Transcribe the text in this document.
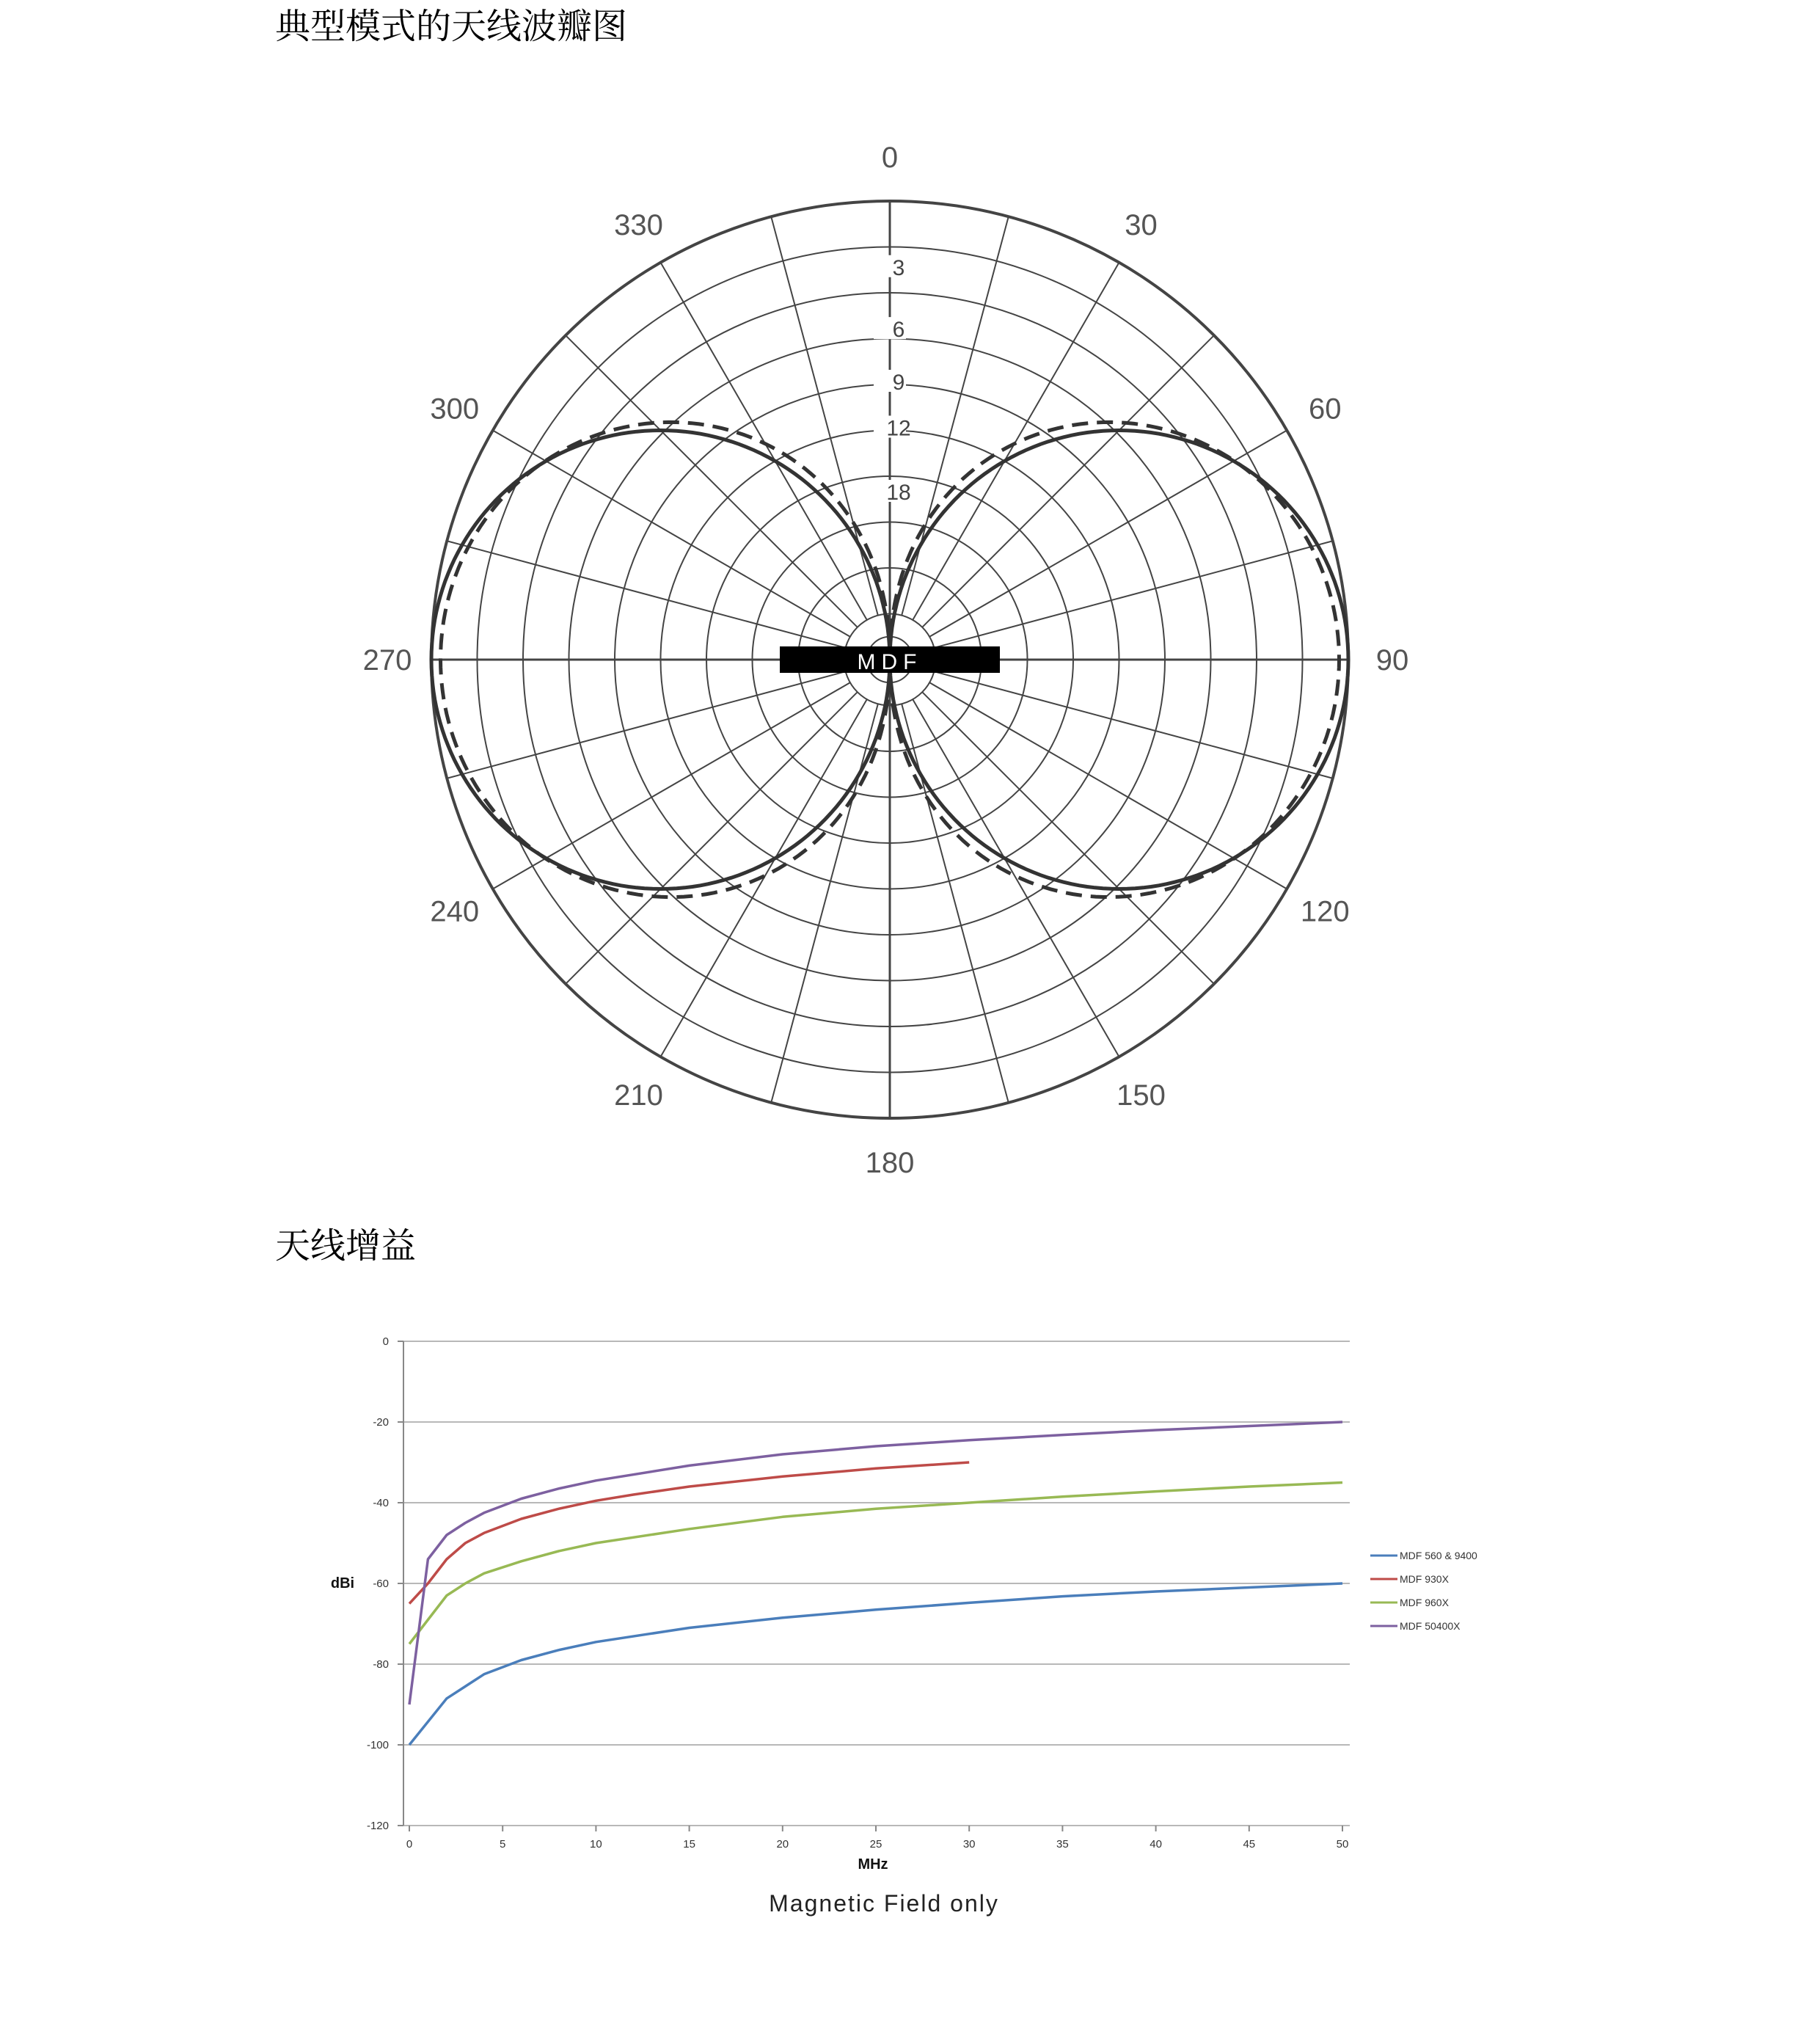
典型模式的天线波瓣图
天线增益
0
30
60
90
120
150
180
210
240
270
300
330
3
6
9
12
18
MDF
0
-20
-40
-60
-80
-100
-120
0	5	10	15	20	25	30	35	40	45	50
MDF 560 & 9400
MDF 930X
MDF 960X
MDF 50400X
dBi
MHz
Magnetic Field only
